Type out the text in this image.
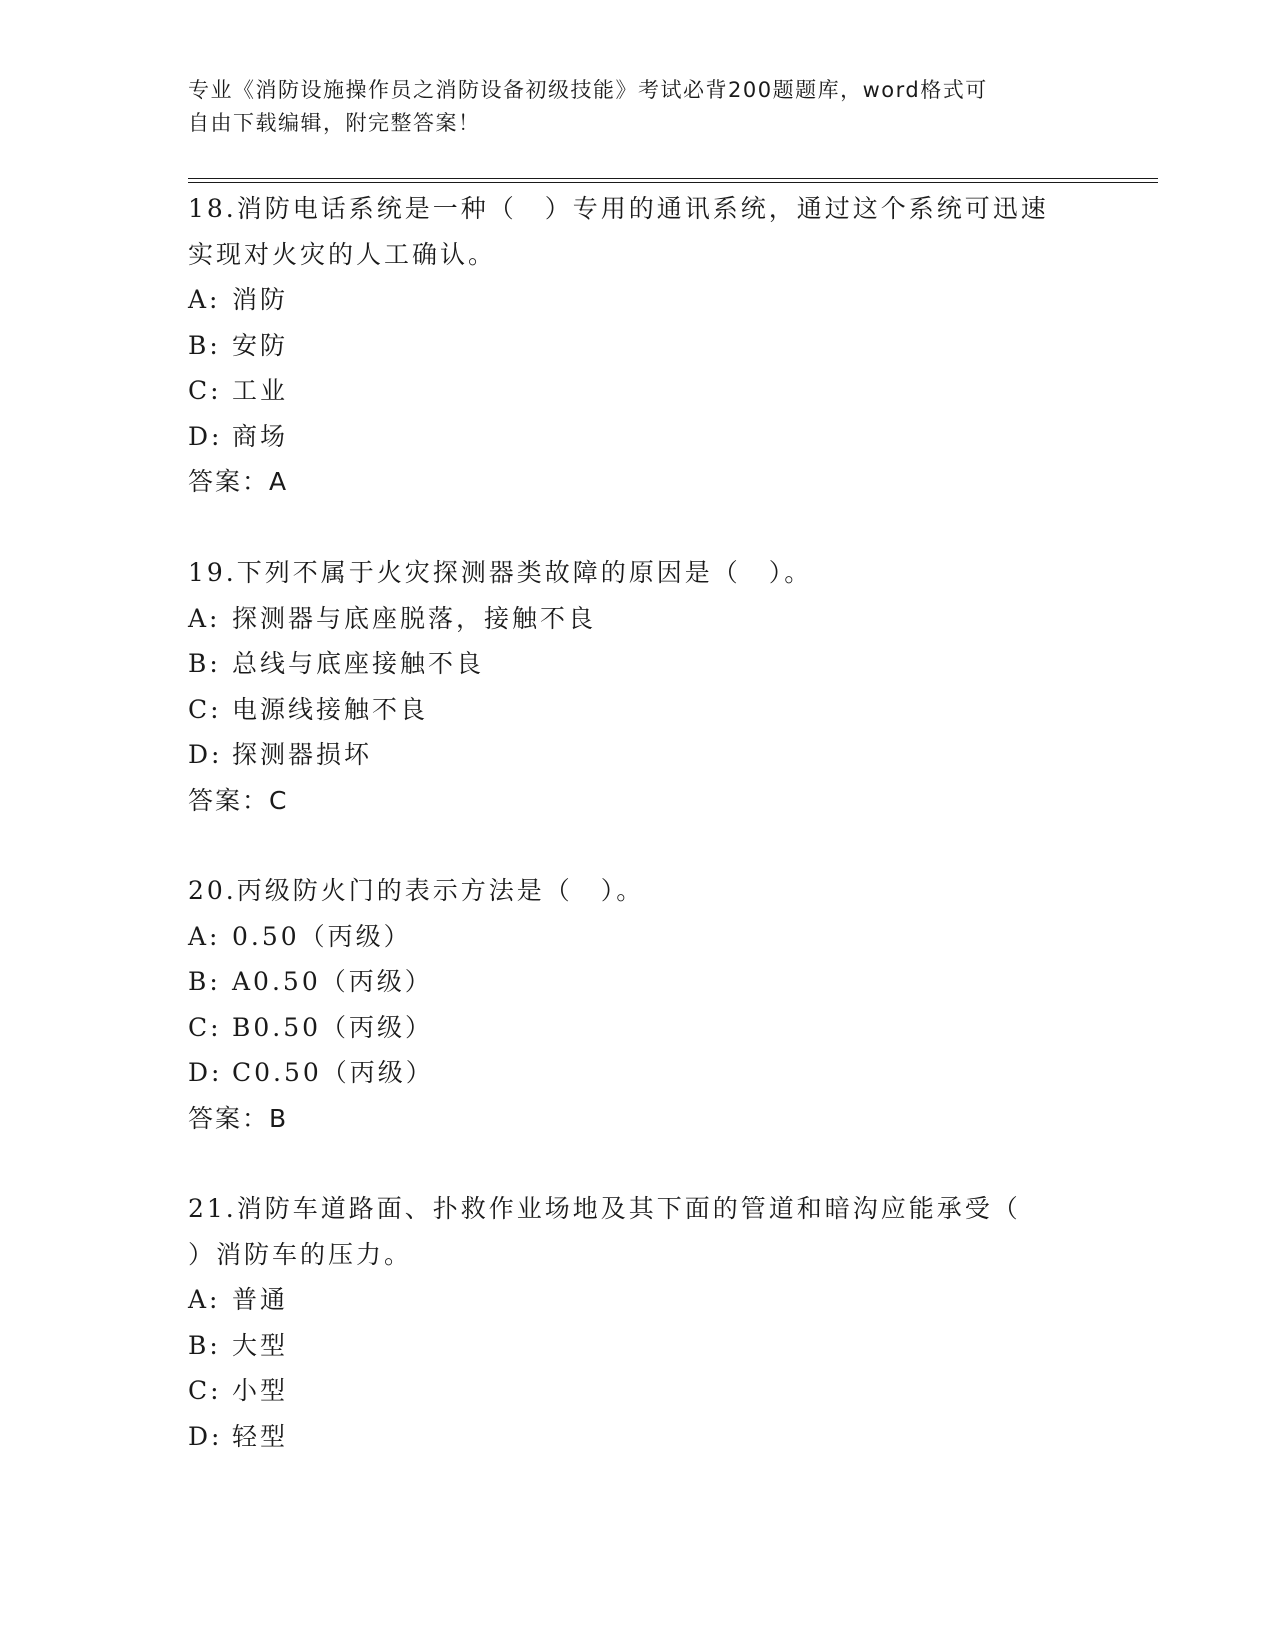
专业《消防设施操作员之消防设备初级技能》考试必背200题题库，word格式可
自由下载编辑，附完整答案！
18.消防电话系统是一种（　）专用的通讯系统，通过这个系统可迅速
实现对火灾的人工确认。
A: 消防
B: 安防
C: 工业
D: 商场
答案：A
19.下列不属于火灾探测器类故障的原因是（　）。
A: 探测器与底座脱落，接触不良
B: 总线与底座接触不良
C: 电源线接触不良
D: 探测器损坏
答案：C
20.丙级防火门的表示方法是（　）。
A: 0.50（丙级）
B: A0.50（丙级）
C: B0.50（丙级）
D: C0.50（丙级）
答案：B
21.消防车道路面、扑救作业场地及其下面的管道和暗沟应能承受（
）消防车的压力。
A: 普通
B: 大型
C: 小型
D: 轻型
